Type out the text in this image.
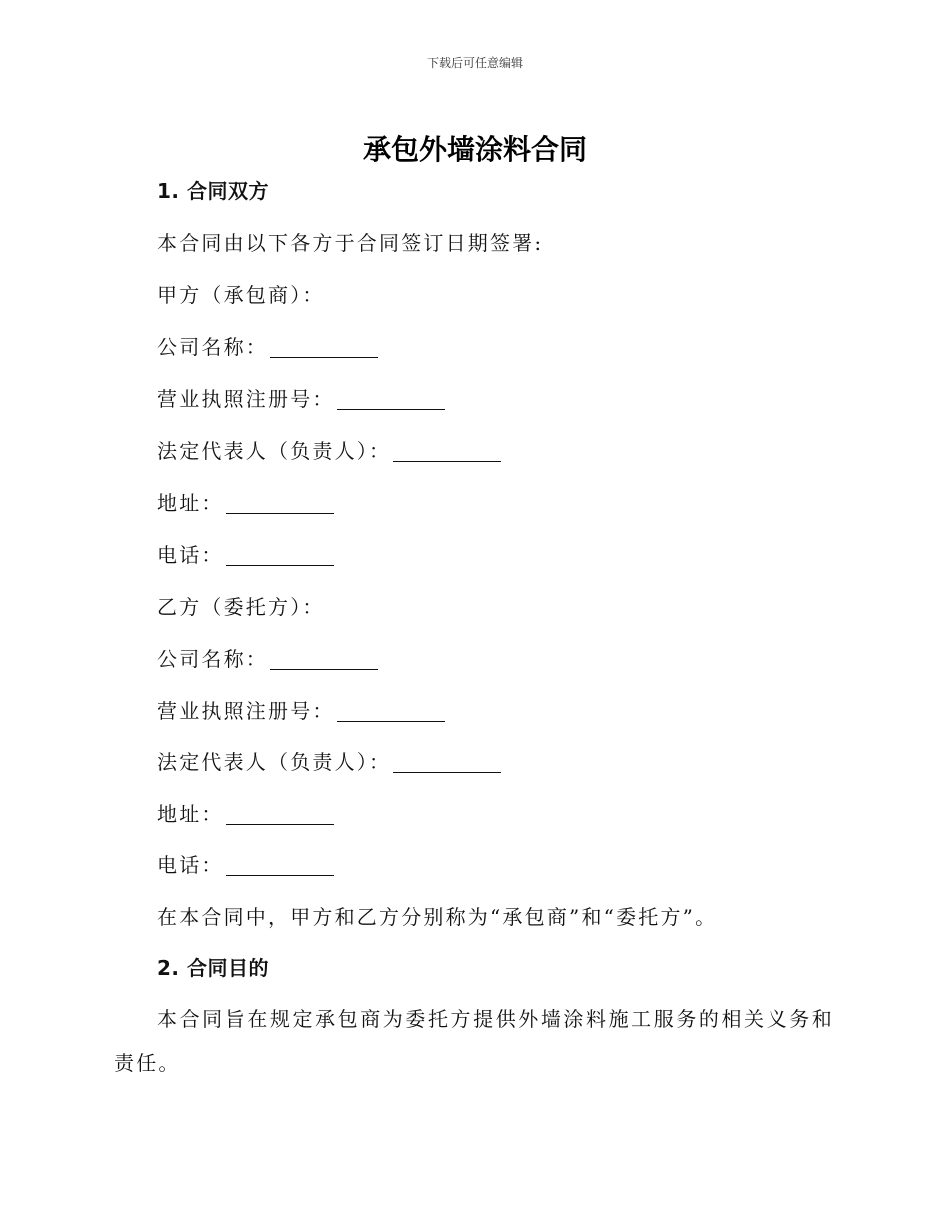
下载后可任意编辑
承包外墙涂料合同
1. 合同双方
本合同由以下各方于合同签订日期签署:
甲方（承包商）：
公司名称：
营业执照注册号：
法定代表人（负责人）：
地址：
电话：
乙方（委托方）：
公司名称：
营业执照注册号：
法定代表人（负责人）：
地址：
电话：
在本合同中，甲方和乙方分别称为“承包商”和“委托方”。
2. 合同目的
本合同旨在规定承包商为委托方提供外墙涂料施工服务的相关义务和责任。
